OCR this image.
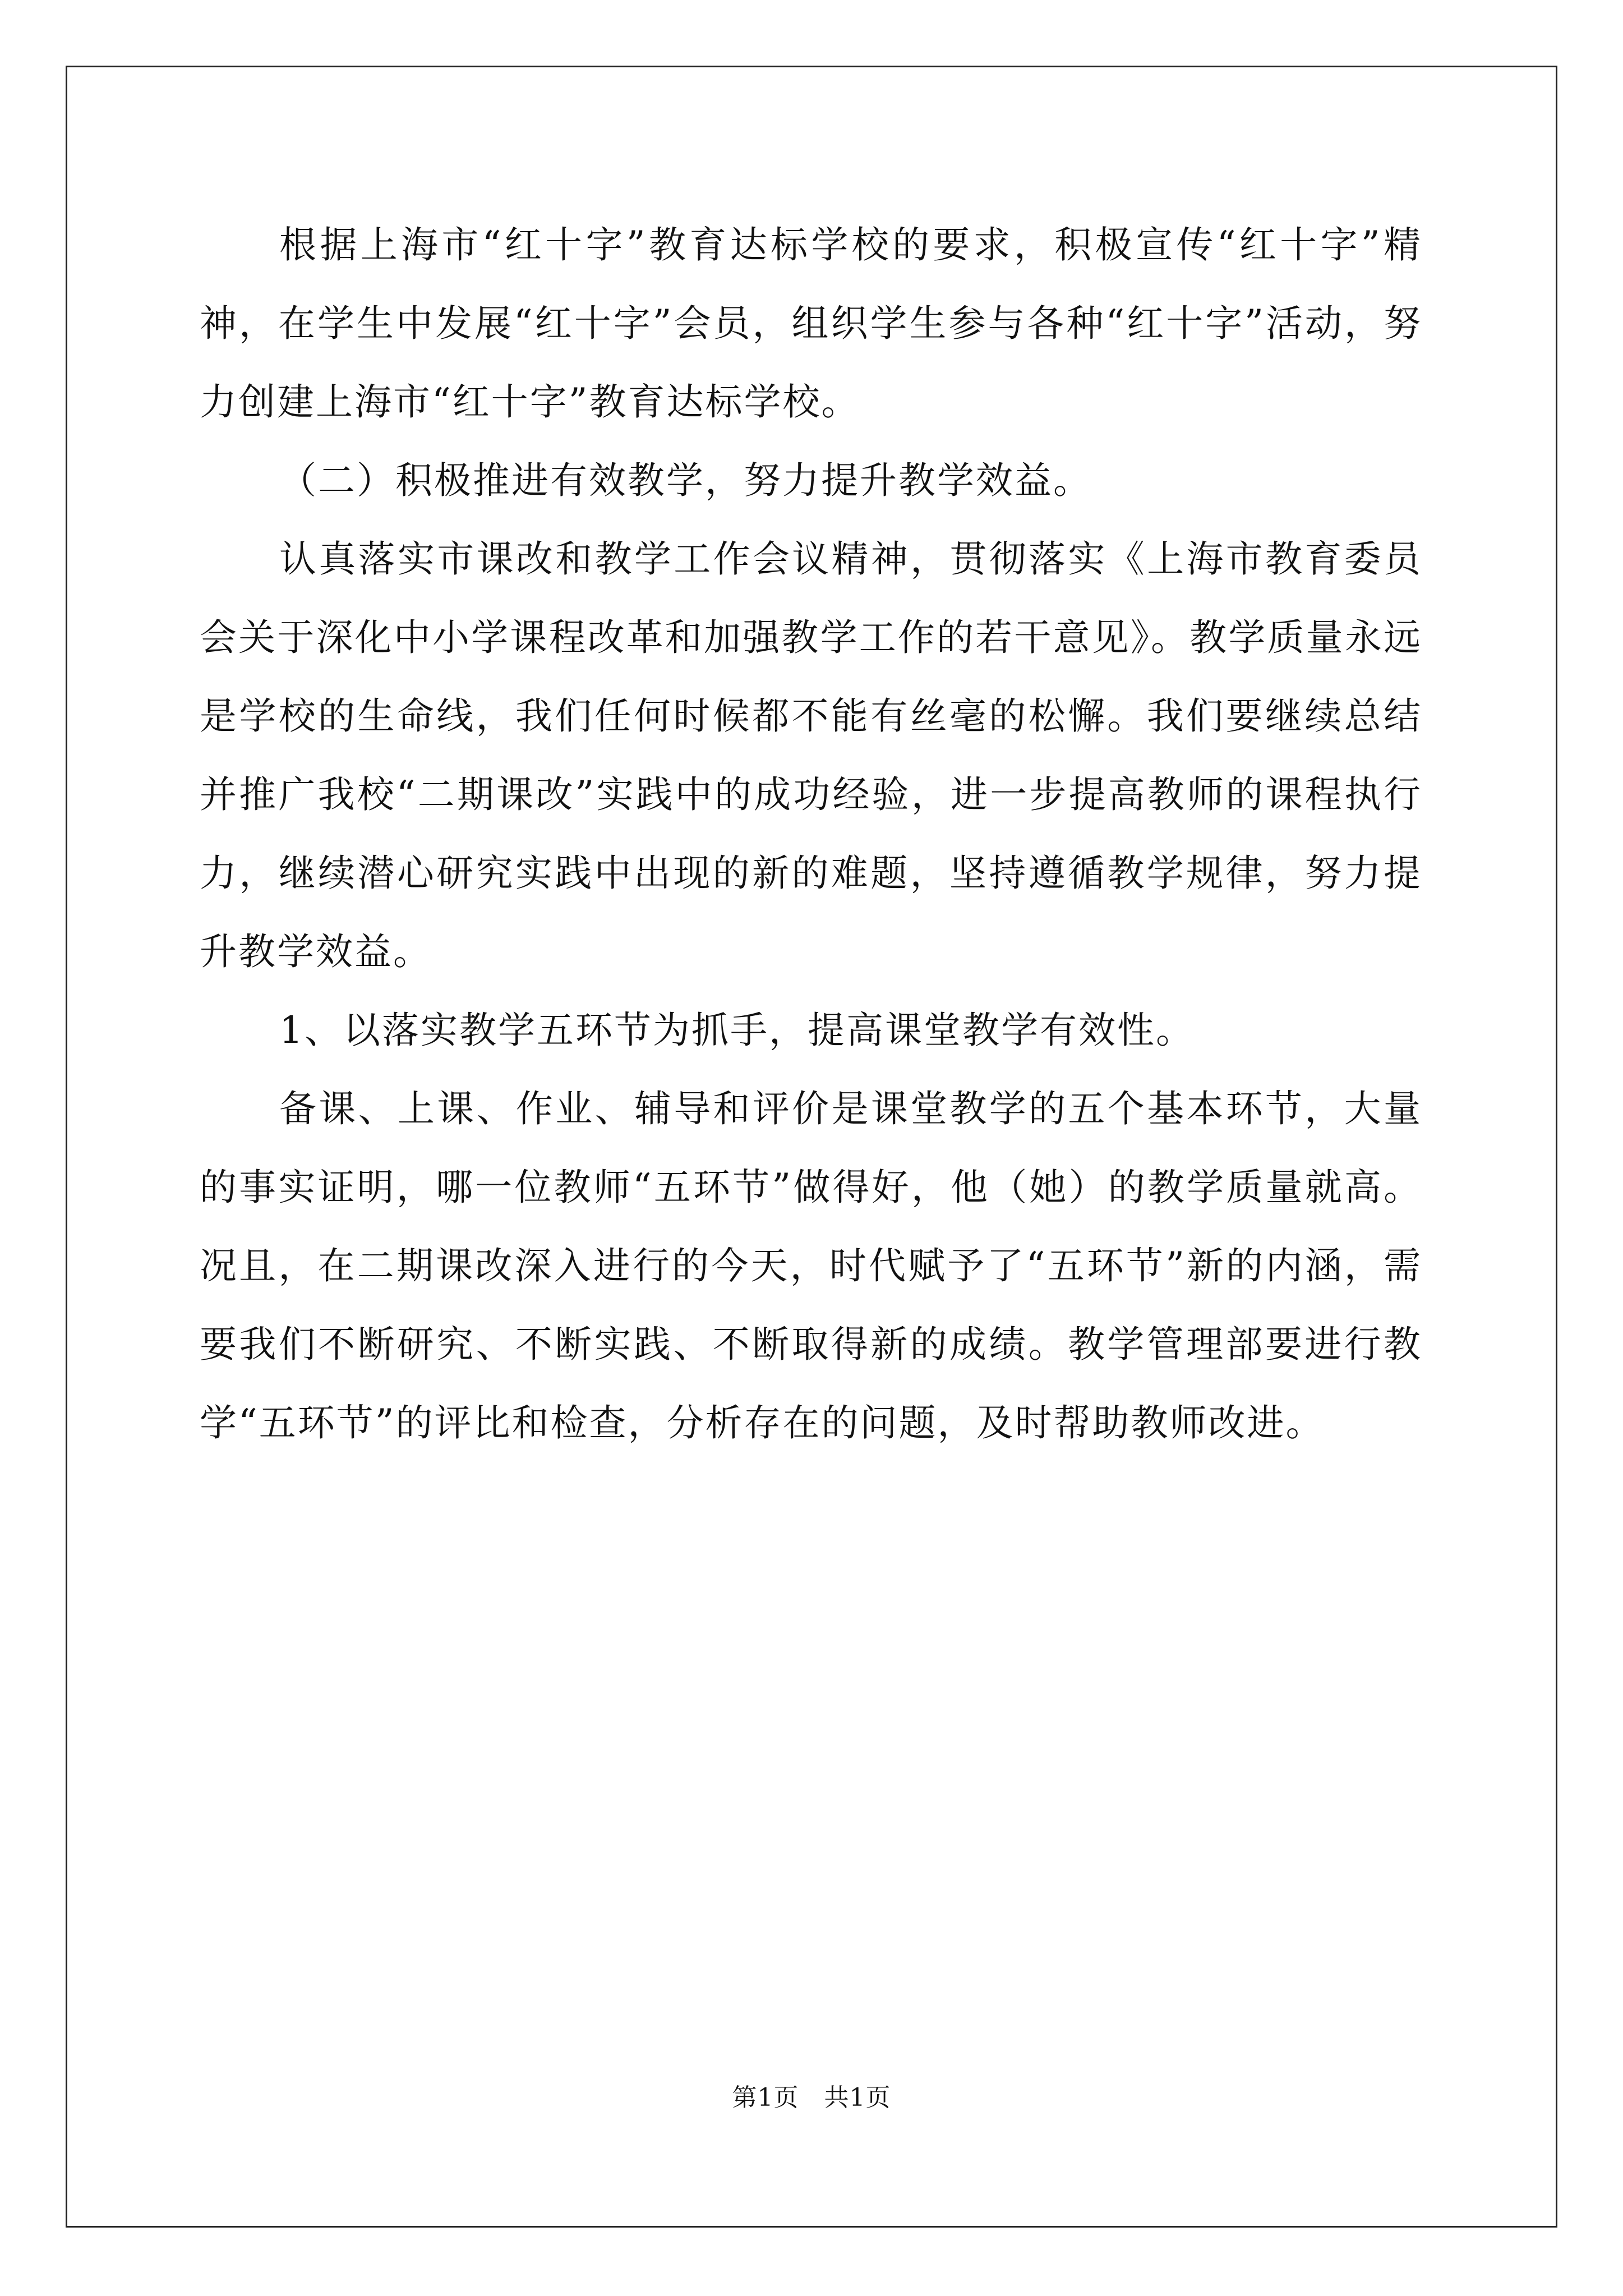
根据上海市“红十字”教育达标学校的要求，积极宣传“红十字”精神，在学生中发展“红十字”会员，组织学生参与各种“红十字”活动，努力创建上海市“红十字”教育达标学校。

（二）积极推进有效教学，努力提升教学效益。

认真落实市课改和教学工作会议精神，贯彻落实《上海市教育委员会关于深化中小学课程改革和加强教学工作的若干意见》。教学质量永远是学校的生命线，我们任何时候都不能有丝毫的松懈。我们要继续总结并推广我校“二期课改”实践中的成功经验，进一步提高教师的课程执行力，继续潜心研究实践中出现的新的难题，坚持遵循教学规律，努力提升教学效益。

1、以落实教学五环节为抓手，提高课堂教学有效性。

备课、上课、作业、辅导和评价是课堂教学的五个基本环节，大量的事实证明，哪一位教师“五环节”做得好，他（她）的教学质量就高。况且，在二期课改深入进行的今天，时代赋予了“五环节”新的内涵，需要我们不断研究、不断实践、不断取得新的成绩。教学管理部要进行教学“五环节”的评比和检查，分析存在的问题，及时帮助教师改进。

第1页　共1页
